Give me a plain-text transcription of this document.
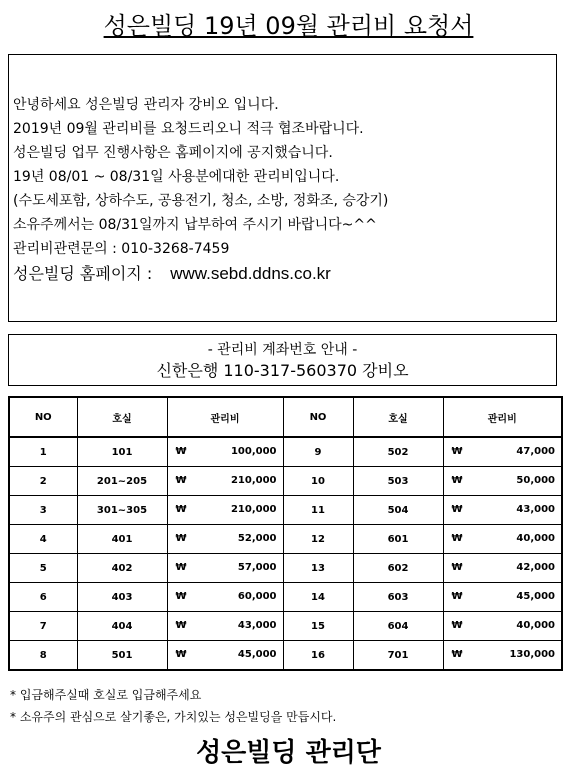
성은빌딩 19년 09월 관리비 요청서
안녕하세요 성은빌딩 관리자 강비오 입니다.
2019년 09월 관리비를 요청드리오니 적극 협조바랍니다.
성은빌딩 업무 진행사항은 홈페이지에 공지했습니다.
19년 08/01 ~ 08/31일 사용분에대한 관리비입니다.
(수도세포함, 상하수도, 공용전기, 청소, 소방, 정화조, 승강기)
소유주께서는 08/31일까지 납부하여 주시기 바랍니다~^^
관리비관련문의 : 010-3268-7459
성은빌딩 홈페이지 : www.sebd.ddns.co.kr
- 관리비 계좌번호 안내 -
신한은행 110-317-560370 강비오
NO	호실	관리비	NO	호실	관리비
1	101	₩ 100,000	9	502	₩ 47,000

2	201~205	₩ 210,000	10	503	₩ 50,000

3	301~305	₩ 210,000	11	504	₩ 43,000

4	401	₩ 52,000	12	601	₩ 40,000

5	402	₩ 57,000	13	602	₩ 42,000

6	403	₩ 60,000	14	603	₩ 45,000

7	404	₩ 43,000	15	604	₩ 40,000

8	501	₩ 45,000	16	701	₩ 130,000
* 입금해주실때 호실로 입금해주세요
* 소유주의 관심으로 살기좋은, 가치있는 성은빌딩을 만듭시다.
성은빌딩 관리단
